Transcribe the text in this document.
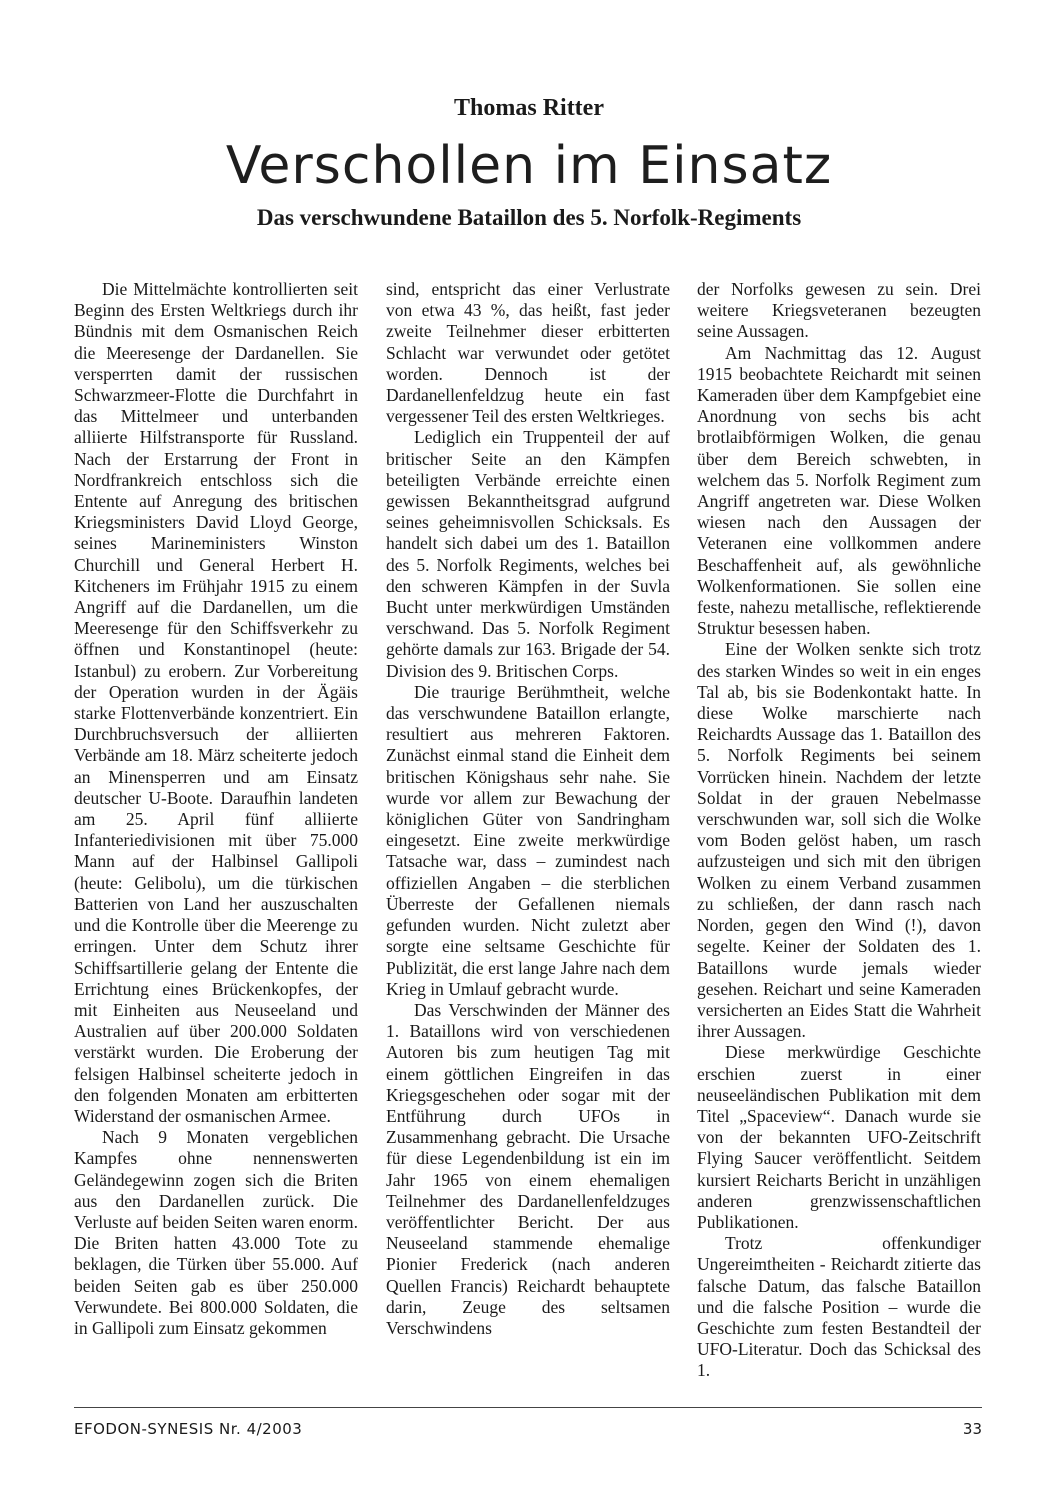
Thomas Ritter
Verschollen im Einsatz
Das verschwundene Bataillon des 5. Norfolk-Regiments

Die Mittelmächte kontrollierten seit Beginn des Ersten Weltkriegs durch ihr Bündnis mit dem Osmanischen Reich die Meeresenge der Dardanellen. Sie versperrten damit der russischen Schwarzmeer-Flotte die Durchfahrt in das Mittelmeer und unterbanden alliierte Hilfstransporte für Russland. Nach der Erstarrung der Front in Nordfrankreich entschloss sich die Entente auf Anregung des britischen Kriegsministers David Lloyd George, seines Marineministers Winston Churchill und General Herbert H. Kitcheners im Frühjahr 1915 zu einem Angriff auf die Dardanellen, um die Meeresenge für den Schiffsverkehr zu öffnen und Konstantinopel (heute: Istanbul) zu erobern. Zur Vorbereitung der Operation wurden in der Ägäis starke Flottenverbände konzentriert. Ein Durchbruchsversuch der alliierten Verbände am 18. März scheiterte jedoch an Minensperren und am Einsatz deutscher U-Boote. Daraufhin landeten am 25. April fünf alliierte Infanteriedivisionen mit über 75.000 Mann auf der Halbinsel Gallipoli (heute: Gelibolu), um die türkischen Batterien von Land her auszuschalten und die Kontrolle über die Meerenge zu erringen. Unter dem Schutz ihrer Schiffsartillerie gelang der Entente die Errichtung eines Brückenkopfes, der mit Einheiten aus Neuseeland und Australien auf über 200.000 Soldaten verstärkt wurden. Die Eroberung der felsigen Halbinsel scheiterte jedoch in den folgenden Monaten am erbitterten Widerstand der osmanischen Armee.

Nach 9 Monaten vergeblichen Kampfes ohne nennenswerten Geländegewinn zogen sich die Briten aus den Dardanellen zurück. Die Verluste auf beiden Seiten waren enorm. Die Briten hatten 43.000 Tote zu beklagen, die Türken über 55.000. Auf beiden Seiten gab es über 250.000 Verwundete. Bei 800.000 Soldaten, die in Gallipoli zum Einsatz gekommen

sind, entspricht das einer Verlustrate von etwa 43 %, das heißt, fast jeder zweite Teilnehmer dieser erbitterten Schlacht war verwundet oder getötet worden. Dennoch ist der Dardanellenfeldzug heute ein fast vergessener Teil des ersten Weltkrieges.

Lediglich ein Truppenteil der auf britischer Seite an den Kämpfen beteiligten Verbände erreichte einen gewissen Bekanntheitsgrad aufgrund seines geheimnisvollen Schicksals. Es handelt sich dabei um des 1. Bataillon des 5. Norfolk Regiments, welches bei den schweren Kämpfen in der Suvla Bucht unter merkwürdigen Umständen verschwand. Das 5. Norfolk Regiment gehörte damals zur 163. Brigade der 54. Division des 9. Britischen Corps.

Die traurige Berühmtheit, welche das verschwundene Bataillon erlangte, resultiert aus mehreren Faktoren. Zunächst einmal stand die Einheit dem britischen Königshaus sehr nahe. Sie wurde vor allem zur Bewachung der königlichen Güter von Sandringham eingesetzt. Eine zweite merkwürdige Tatsache war, dass – zumindest nach offiziellen Angaben – die sterblichen Überreste der Gefallenen niemals gefunden wurden. Nicht zuletzt aber sorgte eine seltsame Geschichte für Publizität, die erst lange Jahre nach dem Krieg in Umlauf gebracht wurde.

Das Verschwinden der Männer des 1. Bataillons wird von verschiedenen Autoren bis zum heutigen Tag mit einem göttlichen Eingreifen in das Kriegsgeschehen oder sogar mit der Entführung durch UFOs in Zusammenhang gebracht. Die Ursache für diese Legendenbildung ist ein im Jahr 1965 von einem ehemaligen Teilnehmer des Dardanellenfeldzuges veröffentlichter Bericht. Der aus Neuseeland stammende ehemalige Pionier Frederick (nach anderen Quellen Francis) Reichardt behauptete darin, Zeuge des seltsamen Verschwindens

der Norfolks gewesen zu sein. Drei weitere Kriegsveteranen bezeugten seine Aussagen.

Am Nachmittag das 12. August 1915 beobachtete Reichardt mit seinen Kameraden über dem Kampfgebiet eine Anordnung von sechs bis acht brotlaibförmigen Wolken, die genau über dem Bereich schwebten, in welchem das 5. Norfolk Regiment zum Angriff angetreten war. Diese Wolken wiesen nach den Aussagen der Veteranen eine vollkommen andere Beschaffenheit auf, als gewöhnliche Wolkenformationen. Sie sollen eine feste, nahezu metallische, reflektierende Struktur besessen haben.

Eine der Wolken senkte sich trotz des starken Windes so weit in ein enges Tal ab, bis sie Bodenkontakt hatte. In diese Wolke marschierte nach Reichardts Aussage das 1. Bataillon des 5. Norfolk Regiments bei seinem Vorrücken hinein. Nachdem der letzte Soldat in der grauen Nebelmasse verschwunden war, soll sich die Wolke vom Boden gelöst haben, um rasch aufzusteigen und sich mit den übrigen Wolken zu einem Verband zusammen zu schließen, der dann rasch nach Norden, gegen den Wind (!), davon segelte. Keiner der Soldaten des 1. Bataillons wurde jemals wieder gesehen. Reichart und seine Kameraden versicherten an Eides Statt die Wahrheit ihrer Aussagen.

Diese merkwürdige Geschichte erschien zuerst in einer neuseeländischen Publikation mit dem Titel „Spaceview“. Danach wurde sie von der bekannten UFO-Zeitschrift Flying Saucer veröffentlicht. Seitdem kursiert Reicharts Bericht in unzähligen anderen grenzwissenschaftlichen Publikationen.

Trotz offenkundiger Ungereimtheiten - Reichardt zitierte das falsche Datum, das falsche Bataillon und die falsche Position – wurde die Geschichte zum festen Bestandteil der UFO-Literatur. Doch das Schicksal des 1.

EFODON-SYNESIS Nr. 4/2003	33
